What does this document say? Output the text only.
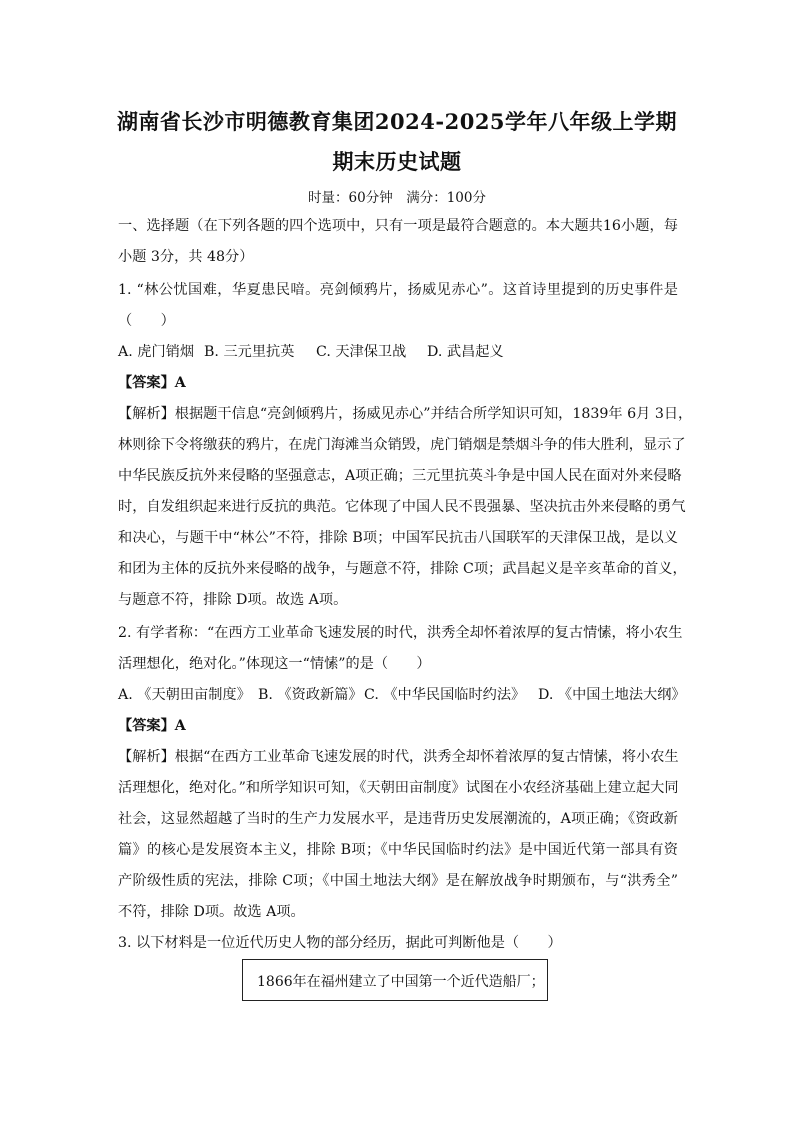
湖南省长沙市明德教育集团2024-2025学年八年级上学期
期末历史试题
时量：60分钟　满分：100分
一、选择题（在下列各题的四个选项中，只有一项是最符合题意的。本大题共16小题，每
小题 3分，共 48分）
1. “林公忧国难，华夏患民喑。亮剑倾鸦片，扬威见赤心”。这首诗里提到的历史事件是
（　　）
A. 虎门销烟 B. 三元里抗英 C. 天津保卫战 D. 武昌起义
【答案】A
【解析】根据题干信息“亮剑倾鸦片，扬威见赤心”并结合所学知识可知，1839年 6月 3日，
林则徐下令将缴获的鸦片，在虎门海滩当众销毁，虎门销烟是禁烟斗争的伟大胜利，显示了
中华民族反抗外来侵略的坚强意志，A项正确；三元里抗英斗争是中国人民在面对外来侵略
时，自发组织起来进行反抗的典范。它体现了中国人民不畏强暴、坚决抗击外来侵略的勇气
和决心，与题干中“林公”不符，排除 B项；中国军民抗击八国联军的天津保卫战，是以义
和团为主体的反抗外来侵略的战争，与题意不符，排除 C项；武昌起义是辛亥革命的首义，
与题意不符，排除 D项。故选 A项。
2. 有学者称：“在西方工业革命飞速发展的时代，洪秀全却怀着浓厚的复古情愫，将小农生
活理想化，绝对化。”体现这一“情愫”的是（　　）
A. 《天朝田亩制度》 B. 《资政新篇》C. 《中华民国临时约法》 D. 《中国土地法大纲》
【答案】A
【解析】根据“在西方工业革命飞速发展的时代，洪秀全却怀着浓厚的复古情愫，将小农生
活理想化，绝对化。”和所学知识可知，《天朝田亩制度》试图在小农经济基础上建立起大同
社会，这显然超越了当时的生产力发展水平，是违背历史发展潮流的，A项正确；《资政新
篇》的核心是发展资本主义，排除 B项；《中华民国临时约法》是中国近代第一部具有资
产阶级性质的宪法，排除 C项；《中国土地法大纲》是在解放战争时期颁布，与“洪秀全”
不符，排除 D项。故选 A项。
3. 以下材料是一位近代历史人物的部分经历，据此可判断他是（　　）
1866年在福州建立了中国第一个近代造船厂；
